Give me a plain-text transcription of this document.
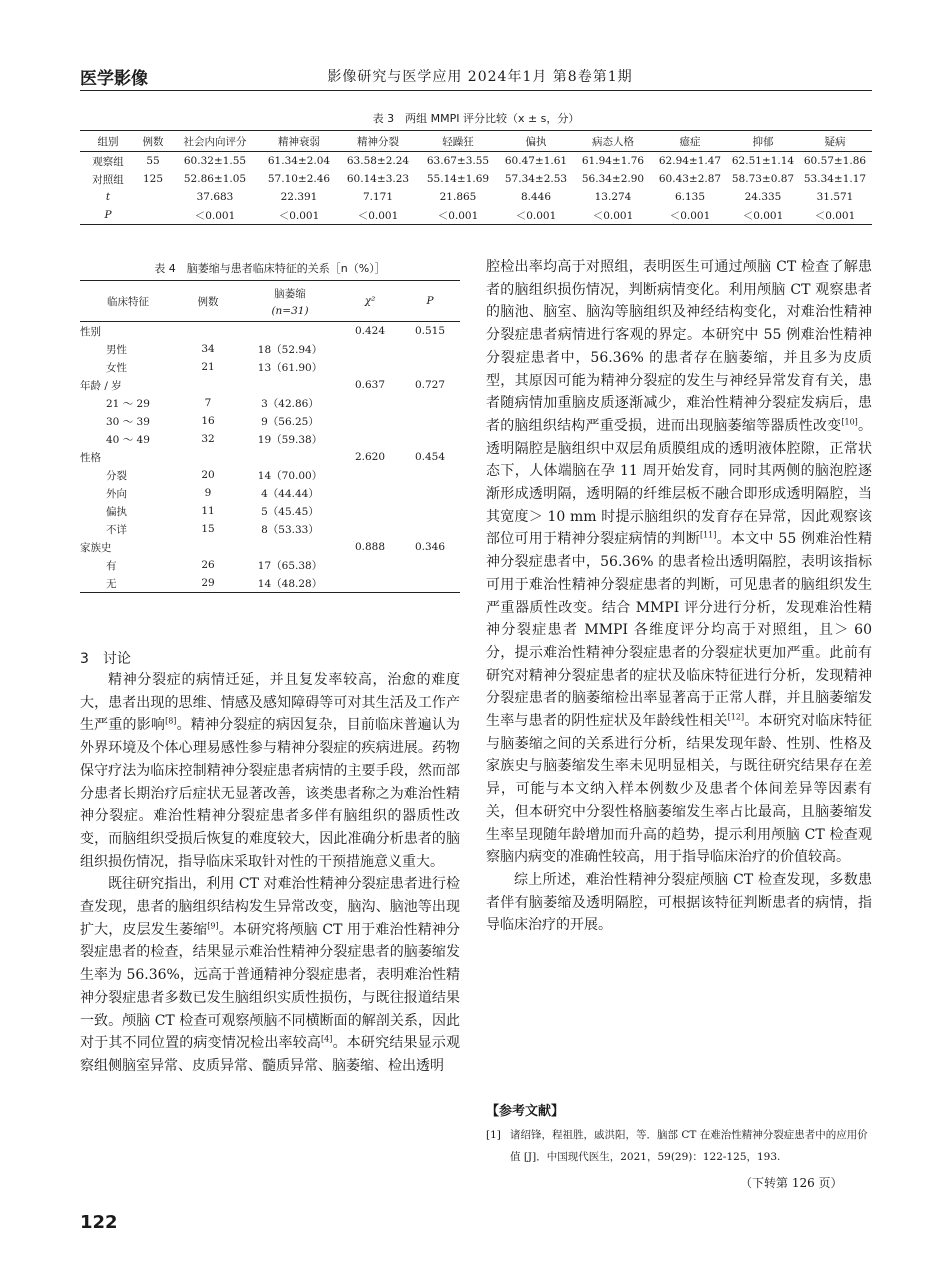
医学影像	影像研究与医学应用 2024年1月 第8卷第1期
表 3　两组 MMPI 评分比较（x ± s，分）
组别	例数	社会内向评分	精神衰弱	精神分裂	轻躁狂	偏执	病态人格	癔症	抑郁	疑病
观察组	55	60.32±1.55	61.34±2.04	63.58±2.24	63.67±3.55	60.47±1.61	61.94±1.76	62.94±1.47	62.51±1.14	60.57±1.86
对照组	125	52.86±1.05	57.10±2.46	60.14±3.23	55.14±1.69	57.34±2.53	56.34±2.90	60.43±2.87	58.73±0.87	53.34±1.17
t		37.683	22.391	7.171	21.865	8.446	13.274	6.135	24.335	31.571
P		＜0.001	＜0.001	＜0.001	＜0.001	＜0.001	＜0.001	＜0.001	＜0.001	＜0.001
表 4　脑萎缩与患者临床特征的关系［n（%）］
临床特征	例数	脑萎缩
(n=31)	χ²	P
性别			0.424	0.515
男性	34	18（52.94）		
女性	21	13（61.90）		
年龄 / 岁			0.637	0.727
21 ～ 29	7	3（42.86）		
30 ～ 39	16	9（56.25）		
40 ～ 49	32	19（59.38）		
性格			2.620	0.454
分裂	20	14（70.00）		
外向	9	4（44.44）		
偏执	11	5（45.45）		
不详	15	8（53.33）		
家族史			0.888	0.346
有	26	17（65.38）		
无	29	14（48.28）		
3　讨论

精神分裂症的病情迁延，并且复发率较高，治愈的难度大，患者出现的思维、情感及感知障碍等可对其生活及工作产生严重的影响[8]。精神分裂症的病因复杂，目前临床普遍认为外界环境及个体心理易感性参与精神分裂症的疾病进展。药物保守疗法为临床控制精神分裂症患者病情的主要手段，然而部分患者长期治疗后症状无显著改善，该类患者称之为难治性精神分裂症。难治性精神分裂症患者多伴有脑组织的器质性改变，而脑组织受损后恢复的难度较大，因此准确分析患者的脑组织损伤情况，指导临床采取针对性的干预措施意义重大。

既往研究指出，利用 CT 对难治性精神分裂症患者进行检查发现，患者的脑组织结构发生异常改变，脑沟、脑池等出现扩大，皮层发生萎缩[9]。本研究将颅脑 CT 用于难治性精神分裂症患者的检查，结果显示难治性精神分裂症患者的脑萎缩发生率为 56.36%，远高于普通精神分裂症患者，表明难治性精神分裂症患者多数已发生脑组织实质性损伤，与既往报道结果一致。颅脑 CT 检查可观察颅脑不同横断面的解剖关系，因此对于其不同位置的病变情况检出率较高[4]。本研究结果显示观察组侧脑室异常、皮质异常、髓质异常、脑萎缩、检出透明

腔检出率均高于对照组，表明医生可通过颅脑 CT 检查了解患者的脑组织损伤情况，判断病情变化。利用颅脑 CT 观察患者的脑池、脑室、脑沟等脑组织及神经结构变化，对难治性精神分裂症患者病情进行客观的界定。本研究中 55 例难治性精神分裂症患者中，56.36% 的患者存在脑萎缩，并且多为皮质型，其原因可能为精神分裂症的发生与神经异常发育有关，患者随病情加重脑皮质逐渐减少，难治性精神分裂症发病后，患者的脑组织结构严重受损，进而出现脑萎缩等器质性改变[10]。透明隔腔是脑组织中双层角质膜组成的透明液体腔隙，正常状态下，人体端脑在孕 11 周开始发育，同时其两侧的脑泡腔逐渐形成透明隔，透明隔的纤维层板不融合即形成透明隔腔，当其宽度＞ 10 mm 时提示脑组织的发育存在异常，因此观察该部位可用于精神分裂症病情的判断[11]。本文中 55 例难治性精神分裂症患者中，56.36% 的患者检出透明隔腔，表明该指标可用于难治性精神分裂症患者的判断，可见患者的脑组织发生严重器质性改变。结合 MMPI 评分进行分析，发现难治性精神分裂症患者 MMPI 各维度评分均高于对照组，且＞ 60 分，提示难治性精神分裂症患者的分裂症状更加严重。此前有研究对精神分裂症患者的症状及临床特征进行分析，发现精神分裂症患者的脑萎缩检出率显著高于正常人群，并且脑萎缩发生率与患者的阴性症状及年龄线性相关[12]。本研究对临床特征与脑萎缩之间的关系进行分析，结果发现年龄、性别、性格及家族史与脑萎缩发生率未见明显相关，与既往研究结果存在差异，可能与本文纳入样本例数少及患者个体间差异等因素有关，但本研究中分裂性格脑萎缩发生率占比最高，且脑萎缩发生率呈现随年龄增加而升高的趋势，提示利用颅脑 CT 检查观察脑内病变的准确性较高，用于指导临床治疗的价值较高。

综上所述，难治性精神分裂症颅脑 CT 检查发现，多数患者伴有脑萎缩及透明隔腔，可根据该特征判断患者的病情，指导临床治疗的开展。

【参考文献】
[1] 诸绍锋，程祖胜，戚洪阳，等．脑部 CT 在难治性精神分裂症患者中的应用价值 [J]．中国现代医生，2021，59(29)：122-125，193.
（下转第 126 页）
122
